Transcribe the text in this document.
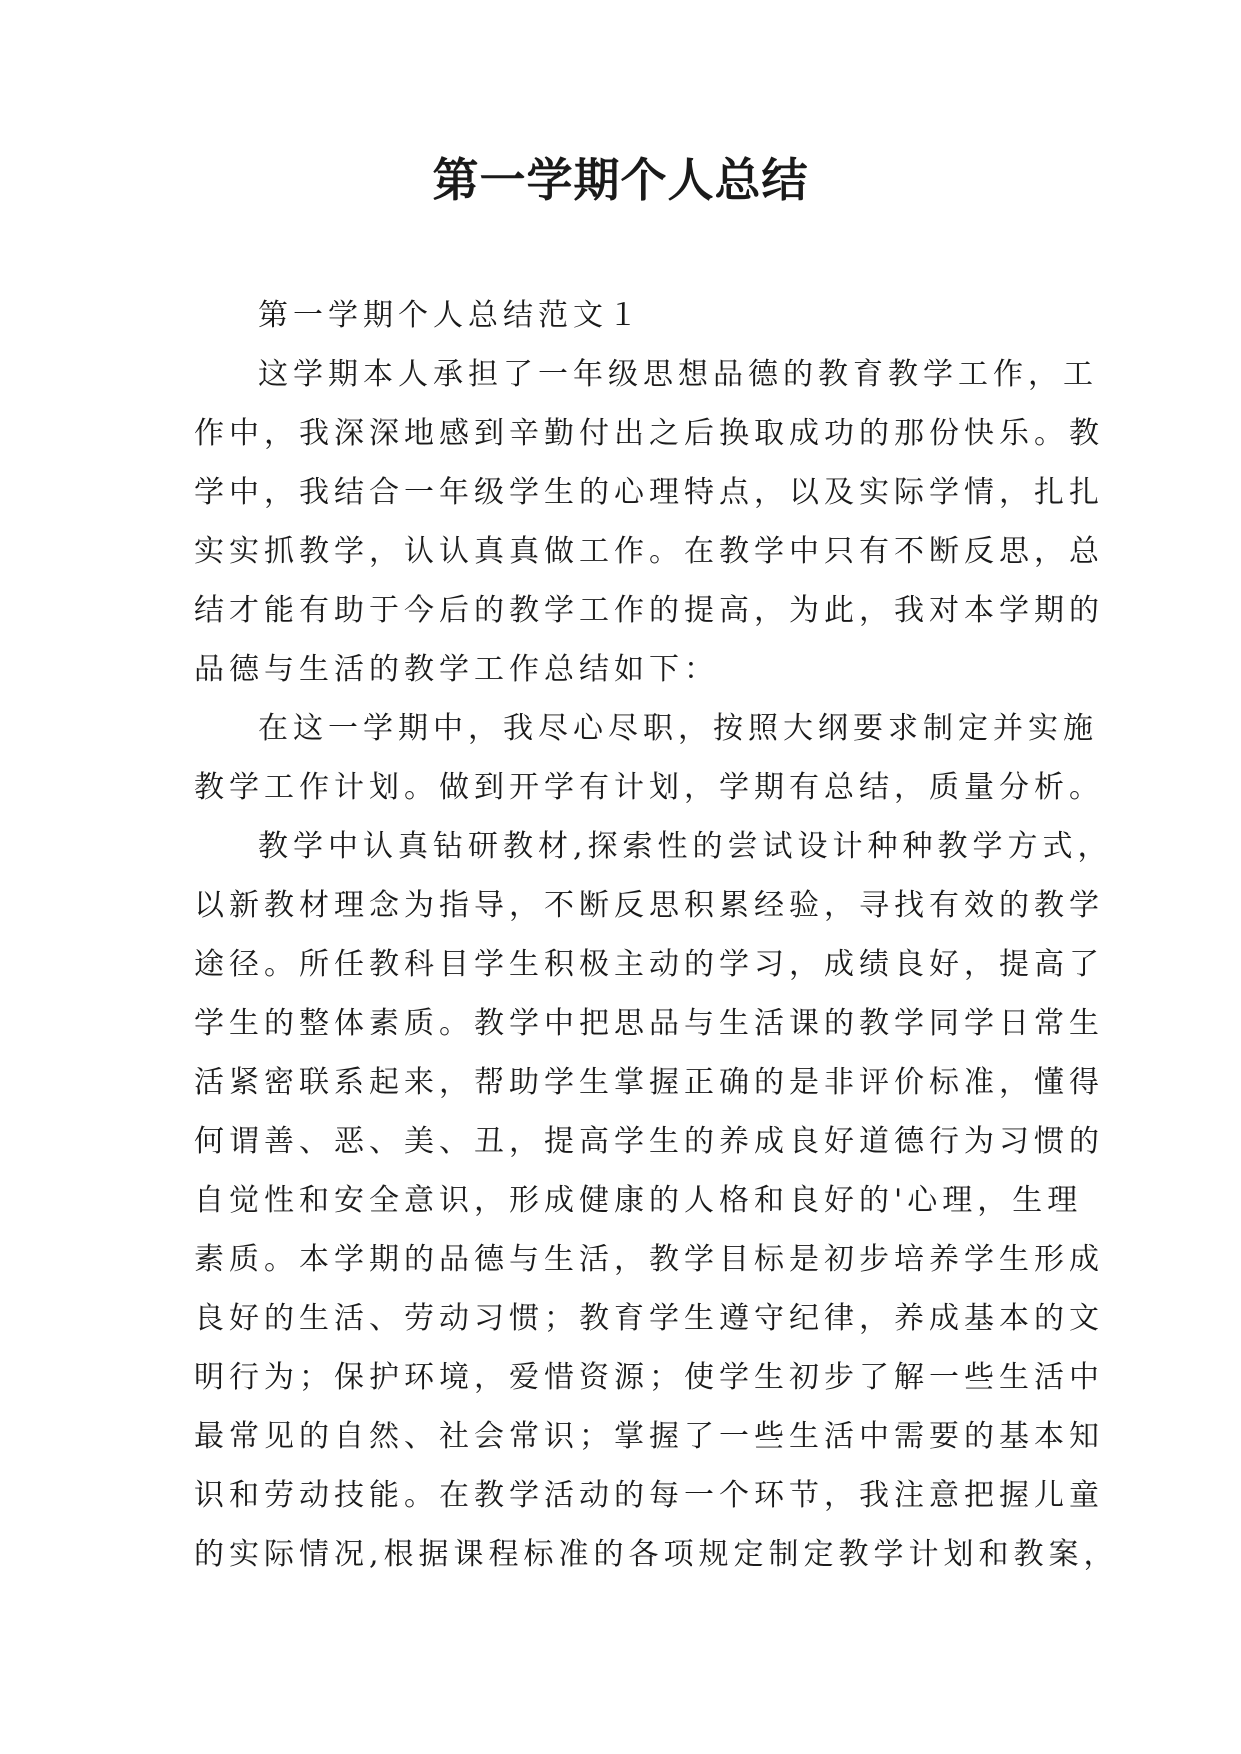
第一学期个人总结
第一学期个人总结范文１
这学期本人承担了一年级思想品德的教育教学工作，工
作中，我深深地感到辛勤付出之后换取成功的那份快乐。教
学中，我结合一年级学生的心理特点，以及实际学情，扎扎
实实抓教学，认认真真做工作。在教学中只有不断反思，总
结才能有助于今后的教学工作的提高，为此，我对本学期的
品德与生活的教学工作总结如下：
在这一学期中，我尽心尽职，按照大纲要求制定并实施
教学工作计划。做到开学有计划，学期有总结，质量分析。
教学中认真钻研教材,探索性的尝试设计种种教学方式，
以新教材理念为指导，不断反思积累经验，寻找有效的教学
途径。所任教科目学生积极主动的学习，成绩良好，提高了
学生的整体素质。教学中把思品与生活课的教学同学日常生
活紧密联系起来，帮助学生掌握正确的是非评价标准，懂得
何谓善、恶、美、丑，提高学生的养成良好道德行为习惯的
自觉性和安全意识，形成健康的人格和良好的'心理，生理
素质。本学期的品德与生活，教学目标是初步培养学生形成
良好的生活、劳动习惯；教育学生遵守纪律，养成基本的文
明行为；保护环境，爱惜资源；使学生初步了解一些生活中
最常见的自然、社会常识；掌握了一些生活中需要的基本知
识和劳动技能。在教学活动的每一个环节，我注意把握儿童
的实际情况,根据课程标准的各项规定制定教学计划和教案，
